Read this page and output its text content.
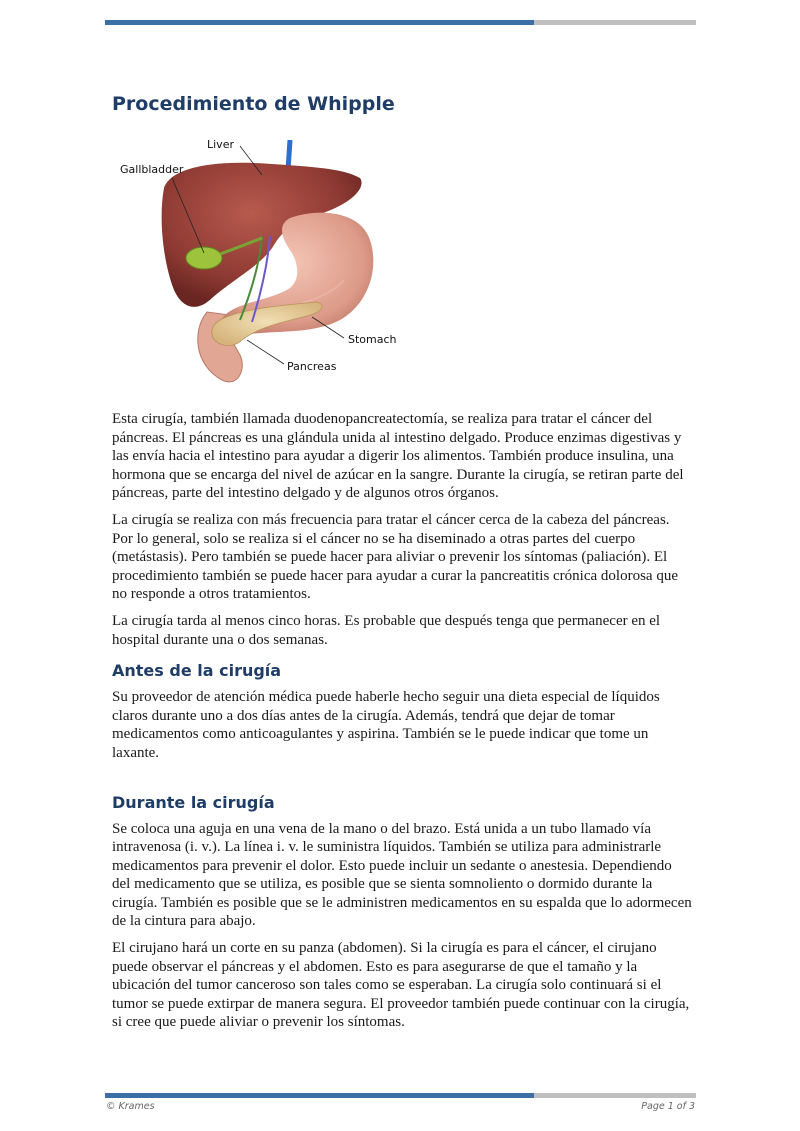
Procedimiento de Whipple
Liver
Gallbladder
Stomach
Pancreas

Esta cirugía, también llamada duodenopancreatectomía, se realiza para tratar el cáncer del páncreas. El páncreas es una glándula unida al intestino delgado. Produce enzimas digestivas y las envía hacia el intestino para ayudar a digerir los alimentos. También produce insulina, una hormona que se encarga del nivel de azúcar en la sangre. Durante la cirugía, se retiran parte del páncreas, parte del intestino delgado y de algunos otros órganos.

La cirugía se realiza con más frecuencia para tratar el cáncer cerca de la cabeza del páncreas. Por lo general, solo se realiza si el cáncer no se ha diseminado a otras partes del cuerpo (metástasis). Pero también se puede hacer para aliviar o prevenir los síntomas (paliación). El procedimiento también se puede hacer para ayudar a curar la pancreatitis crónica dolorosa que no responde a otros tratamientos.

La cirugía tarda al menos cinco horas. Es probable que después tenga que permanecer en el hospital durante una o dos semanas.

Antes de la cirugía

Su proveedor de atención médica puede haberle hecho seguir una dieta especial de líquidos claros durante uno a dos días antes de la cirugía. Además, tendrá que dejar de tomar medicamentos como anticoagulantes y aspirina. También se le puede indicar que tome un laxante.

Durante la cirugía

Se coloca una aguja en una vena de la mano o del brazo. Está unida a un tubo llamado vía intravenosa (i. v.). La línea i. v. le suministra líquidos. También se utiliza para administrarle medicamentos para prevenir el dolor. Esto puede incluir un sedante o anestesia. Dependiendo del medicamento que se utiliza, es posible que se sienta somnoliento o dormido durante la cirugía. También es posible que se le administren medicamentos en su espalda que lo adormecen de la cintura para abajo.

El cirujano hará un corte en su panza (abdomen). Si la cirugía es para el cáncer, el cirujano puede observar el páncreas y el abdomen. Esto es para asegurarse de que el tamaño y la ubicación del tumor canceroso son tales como se esperaban. La cirugía solo continuará si el tumor se puede extirpar de manera segura. El proveedor también puede continuar con la cirugía, si cree que puede aliviar o prevenir los síntomas.

© Krames	Page 1 of 3
